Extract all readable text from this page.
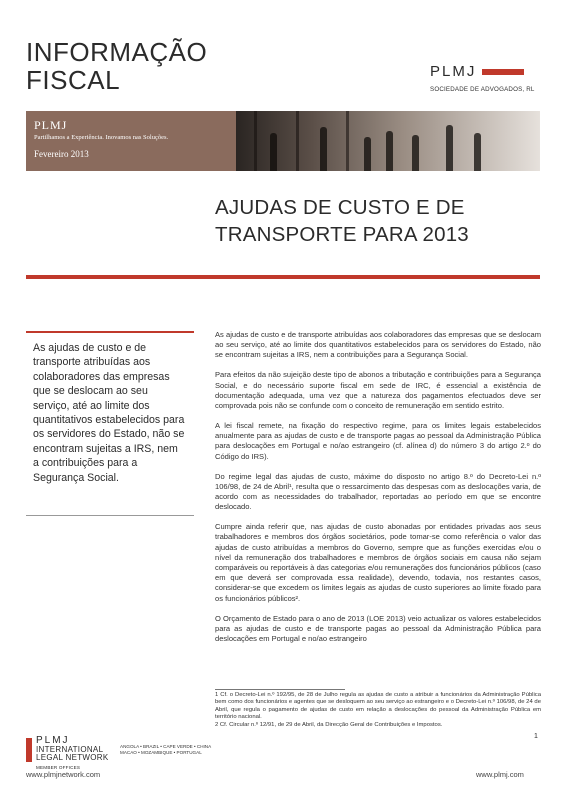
INFORMAÇÃO
FISCAL	PLMJ
SOCIEDADE DE ADVOGADOS, RL
PLMJ
Partilhamos a Experiência. Inovamos nas Soluções.
Fevereiro 2013
AJUDAS DE CUSTO E DE
TRANSPORTE PARA 2013
As ajudas de custo e de transporte atribuídas aos colaboradores das empresas que se deslocam ao seu serviço, até ao limite dos quantitativos estabelecidos para os servidores do Estado, não se encontram sujeitas a IRS, nem a contribuições para a Segurança Social.

As ajudas de custo e de transporte atribuídas aos colaboradores das empresas que se deslocam ao seu serviço, até ao limite dos quantitativos estabelecidos para os servidores do Estado, não se encontram sujeitas a IRS, nem a contribuições para a Segurança Social.

Para efeitos da não sujeição deste tipo de abonos a tributação e contribuições para a Segurança Social, e do necessário suporte fiscal em sede de IRC, é essencial a existência de documentação adequada, uma vez que a natureza dos pagamentos efectuados deve ser comprovada pois não se confunde com o conceito de remuneração em sentido estrito.

A lei fiscal remete, na fixação do respectivo regime, para os limites legais estabelecidos anualmente para as ajudas de custo e de transporte pagas ao pessoal da Administração Pública para deslocações em Portugal e no/ao estrangeiro (cf. alínea d) do número 3 do artigo 2.º do Código do IRS).

Do regime legal das ajudas de custo, máxime do disposto no artigo 8.º do Decreto-Lei n.º 106/98, de 24 de Abril¹, resulta que o ressarcimento das despesas com as deslocações varia, de acordo com as necessidades do trabalhador, reportadas ao período em que se encontre deslocado.

Cumpre ainda referir que, nas ajudas de custo abonadas por entidades privadas aos seus trabalhadores e membros dos órgãos societários, pode tomar-se como referência o valor das ajudas de custo atribuídas a membros do Governo, sempre que as funções exercidas e/ou o nível da remuneração dos trabalhadores e membros de órgãos sociais em causa não sejam comparáveis ou reportáveis à das categorias e/ou remunerações dos funcionários públicos (caso em que deverá ser comprovada essa realidade), devendo, todavia, nos restantes casos, considerar-se que excedem os limites legais as ajudas de custo superiores ao limite fixado para os funcionários públicos².

O Orçamento de Estado para o ano de 2013 (LOE 2013) veio actualizar os valores estabelecidos para as ajudas de custo e de transporte pagas ao pessoal da Administração Pública para deslocações em Portugal e no/ao estrangeiro

1 Cf. o Decreto-Lei n.º 192/95, de 28 de Julho regula as ajudas de custo a atribuir a funcionários da Administração Pública bem como dos funcionários e agentes que se desloquem ao seu serviço ao estrangeiro e o Decreto-Lei n.º 106/98, de 24 de Abril, que regula o pagamento de ajudas de custo em relação a deslocações do pessoal da Administração Pública em território nacional.
2 Cf. Circular n.º 12/91, de 29 de Abril, da Direcção Geral de Contribuições e Impostos.
1
PLMJ
INTERNATIONAL
LEGAL NETWORK
MEMBER OFFICES
ANGOLA • BRAZIL • CAPE VERDE • CHINA
MACAO • MOZAMBIQUE • PORTUGAL
www.plmjnetwork.com	www.plmj.com
